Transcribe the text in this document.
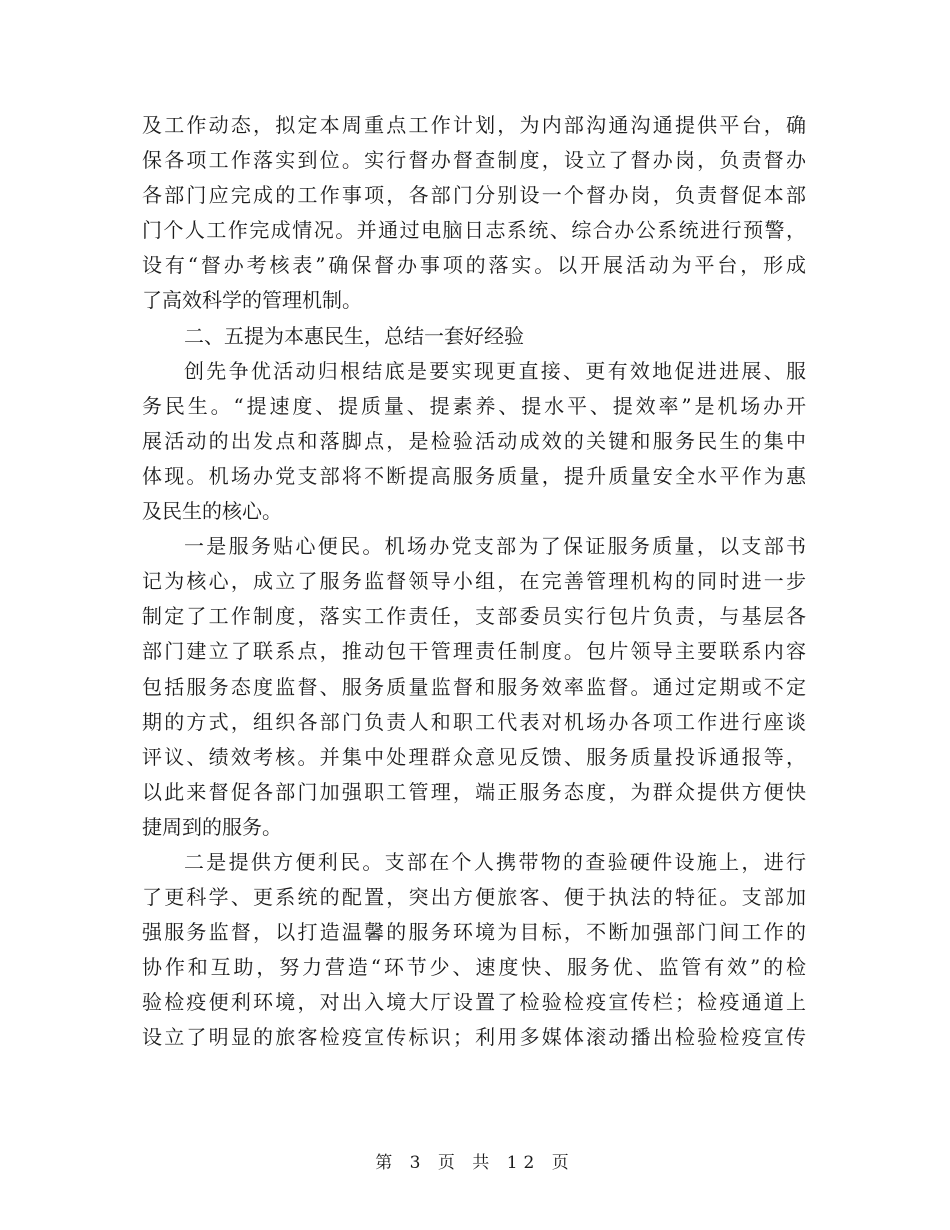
及工作动态，拟定本周重点工作计划，为内部沟通沟通提供平台，确
保各项工作落实到位。实行督办督查制度，设立了督办岗，负责督办
各部门应完成的工作事项，各部门分别设一个督办岗，负责督促本部
门个人工作完成情况。并通过电脑日志系统、综合办公系统进行预警，
设有“督办考核表”确保督办事项的落实。以开展活动为平台，形成
了高效科学的管理机制。
二、五提为本惠民生，总结一套好经验
创先争优活动归根结底是要实现更直接、更有效地促进进展、服
务民生。“提速度、提质量、提素养、提水平、提效率”是机场办开
展活动的出发点和落脚点，是检验活动成效的关键和服务民生的集中
体现。机场办党支部将不断提高服务质量，提升质量安全水平作为惠
及民生的核心。
一是服务贴心便民。机场办党支部为了保证服务质量，以支部书
记为核心，成立了服务监督领导小组，在完善管理机构的同时进一步
制定了工作制度，落实工作责任，支部委员实行包片负责，与基层各
部门建立了联系点，推动包干管理责任制度。包片领导主要联系内容
包括服务态度监督、服务质量监督和服务效率监督。通过定期或不定
期的方式，组织各部门负责人和职工代表对机场办各项工作进行座谈
评议、绩效考核。并集中处理群众意见反馈、服务质量投诉通报等，
以此来督促各部门加强职工管理，端正服务态度，为群众提供方便快
捷周到的服务。
二是提供方便利民。支部在个人携带物的查验硬件设施上，进行
了更科学、更系统的配置，突出方便旅客、便于执法的特征。支部加
强服务监督，以打造温馨的服务环境为目标，不断加强部门间工作的
协作和互助，努力营造“环节少、速度快、服务优、监管有效”的检
验检疫便利环境，对出入境大厅设置了检验检疫宣传栏；检疫通道上
设立了明显的旅客检疫宣传标识；利用多媒体滚动播出检验检疫宣传
第 3 页 共 12 页
